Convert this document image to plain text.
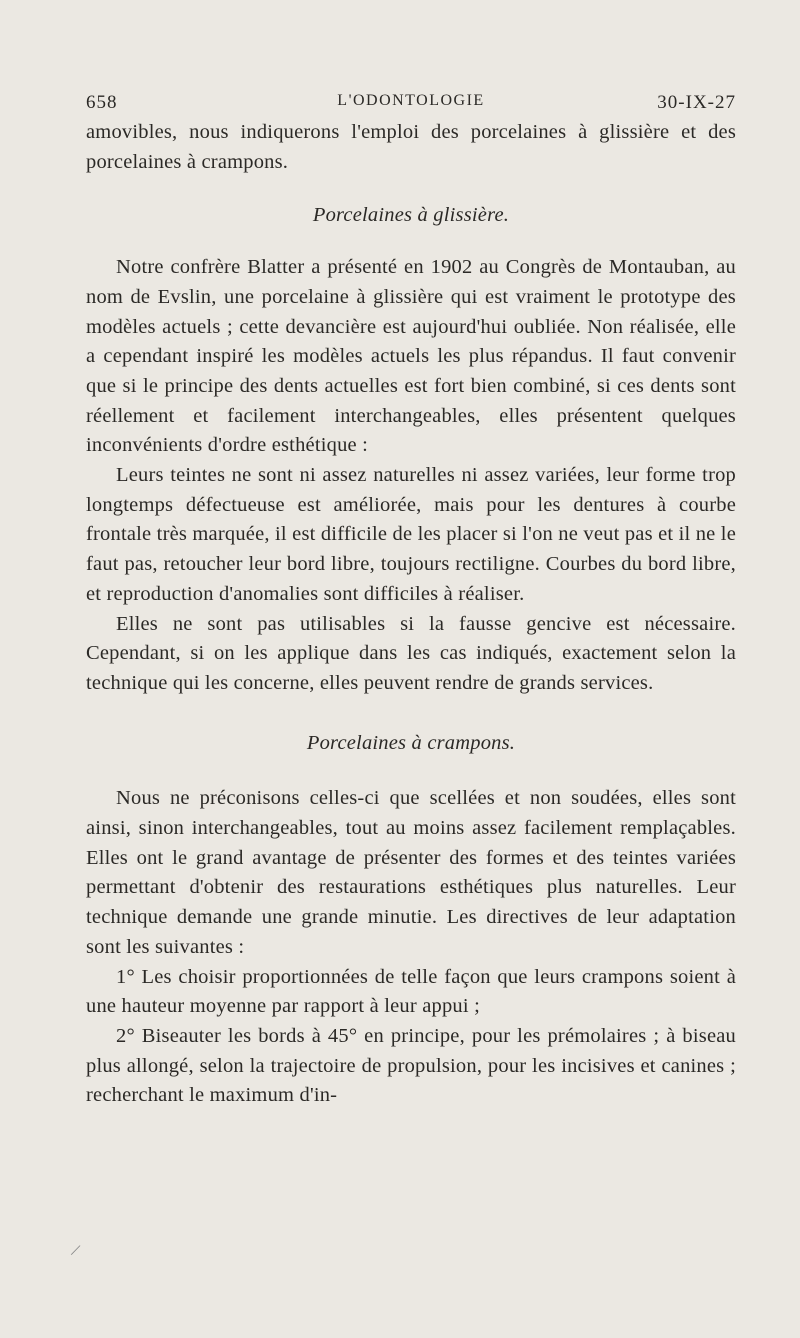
658	L'ODONTOLOGIE	30-IX-27

amovibles, nous indiquerons l'emploi des porcelaines à glissière et des porcelaines à crampons.

Porcelaines à glissière.

Notre confrère Blatter a présenté en 1902 au Congrès de Montauban, au nom de Evslin, une porcelaine à glissière qui est vraiment le prototype des modèles actuels ; cette devancière est aujourd'hui oubliée. Non réalisée, elle a cependant inspiré les modèles actuels les plus répandus. Il faut convenir que si le principe des dents actuelles est fort bien combiné, si ces dents sont réellement et facilement interchangeables, elles présentent quelques inconvénients d'ordre esthétique :

Leurs teintes ne sont ni assez naturelles ni assez variées, leur forme trop longtemps défectueuse est améliorée, mais pour les dentures à courbe frontale très marquée, il est difficile de les placer si l'on ne veut pas et il ne le faut pas, retoucher leur bord libre, toujours rectiligne. Courbes du bord libre, et reproduction d'anomalies sont difficiles à réaliser.

Elles ne sont pas utilisables si la fausse gencive est nécessaire. Cependant, si on les applique dans les cas indiqués, exactement selon la technique qui les concerne, elles peuvent rendre de grands services.

Porcelaines à crampons.

Nous ne préconisons celles-ci que scellées et non soudées, elles sont ainsi, sinon interchangeables, tout au moins assez facilement remplaçables. Elles ont le grand avantage de présenter des formes et des teintes variées permettant d'obtenir des restaurations esthétiques plus naturelles. Leur technique demande une grande minutie. Les directives de leur adaptation sont les suivantes :

1° Les choisir proportionnées de telle façon que leurs crampons soient à une hauteur moyenne par rapport à leur appui ;

2° Biseauter les bords à 45° en principe, pour les prémolaires ; à biseau plus allongé, selon la trajectoire de propulsion, pour les incisives et canines ; recherchant le maximum d'in-

/
